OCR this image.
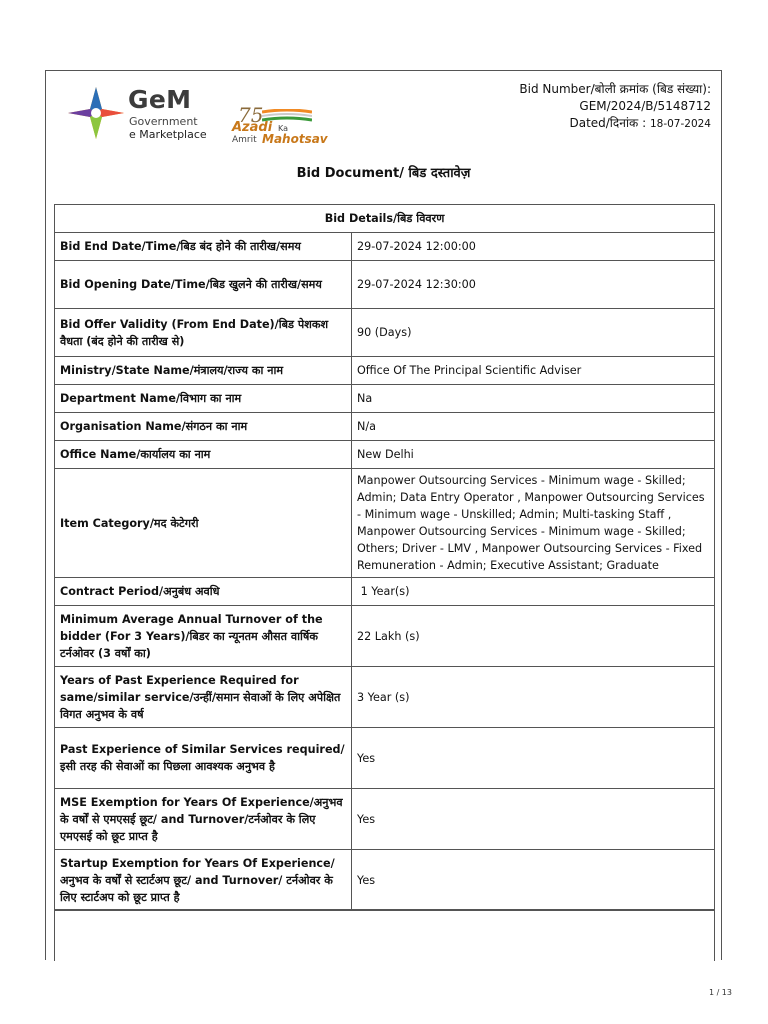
GeM
Government
e Marketplace
75
Azadi Ka
Amrit Mahotsav
Bid Number/बोली क्रमांक (बिड संख्या):
GEM/2024/B/5148712
Dated/दिनांक : 18-07-2024
Bid Document/ बिड दस्तावेज़
Bid Details/बिड विवरण	
Bid End Date/Time/बिड बंद होने की तारीख/समय	29-07-2024 12:00:00
Bid Opening Date/Time/बिड खुलने की तारीख/समय	29-07-2024 12:30:00
Bid Offer Validity (From End Date)/बिड पेशकश वैधता (बंद होने की तारीख से)	90 (Days)
Ministry/State Name/मंत्रालय/राज्य का नाम	Office Of The Principal Scientific Adviser
Department Name/विभाग का नाम	Na
Organisation Name/संगठन का नाम	N/a
Office Name/कार्यालय का नाम	New Delhi
Item Category/मद केटेगरी	Manpower Outsourcing Services - Minimum wage - Skilled; Admin; Data Entry Operator , Manpower Outsourcing Services - Minimum wage - Unskilled; Admin; Multi-tasking Staff , Manpower Outsourcing Services - Minimum wage - Skilled; Others; Driver - LMV , Manpower Outsourcing Services - Fixed Remuneration - Admin; Executive Assistant; Graduate
Contract Period/अनुबंध अवधि	1 Year(s)
Minimum Average Annual Turnover of the bidder (For 3 Years)/बिडर का न्यूनतम औसत वार्षिक टर्नओवर (3 वर्षों का)	22 Lakh (s)
Years of Past Experience Required for same/similar service/उन्हीं/समान सेवाओं के लिए अपेक्षित विगत अनुभव के वर्ष	3 Year (s)
Past Experience of Similar Services required/इसी तरह की सेवाओं का पिछला आवश्यक अनुभव है	Yes
MSE Exemption for Years Of Experience/अनुभव के वर्षों से एमएसई छूट/ and Turnover/टर्नओवर के लिए एमएसई को छूट प्राप्त है	Yes
Startup Exemption for Years Of Experience/अनुभव के वर्षों से स्टार्टअप छूट/ and Turnover/ टर्नओवर के लिए स्टार्टअप को छूट प्राप्त है	Yes
1 / 13
